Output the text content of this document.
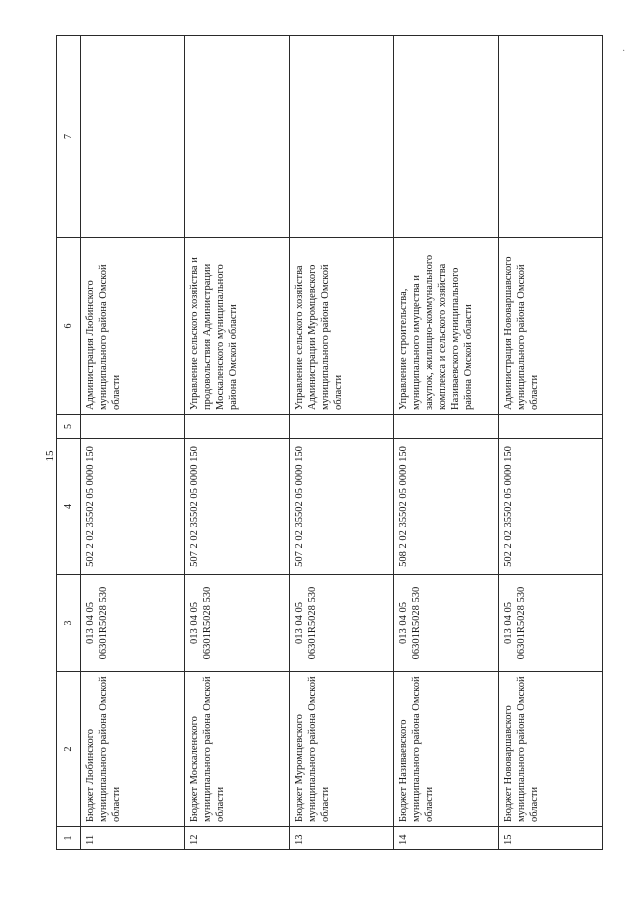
15
·
1	2	3	4	5	6	7
11	Бюджет Любинского муниципального района Омской области	013 04 05 06301R5028 530	502 2 02 35502 05 0000 150		Администрация Любинского муниципального района Омской области	
12	Бюджет Москаленского муниципального района Омской области	013 04 05 06301R5028 530	507 2 02 35502 05 0000 150		Управление сельского хозяйства и продовольствия Администрации Москаленского муниципального района Омской области	
13	Бюджет Муромцевского муниципального района Омской области	013 04 05 06301R5028 530	507 2 02 35502 05 0000 150		Управление сельского хозяйства Администрации Муромцевского муниципального района Омской области	
14	Бюджет Називаевского муниципального района Омской области	013 04 05 06301R5028 530	508 2 02 35502 05 0000 150		Управление строительства, муниципального имущества и закупок, жилищно-коммунального комплекса и сельского хозяйства Називаевского муниципального района Омской области	
15	Бюджет Нововаршавского муниципального района Омской области	013 04 05 06301R5028 530	502 2 02 35502 05 0000 150		Администрация Нововаршавского муниципального района Омской области	
